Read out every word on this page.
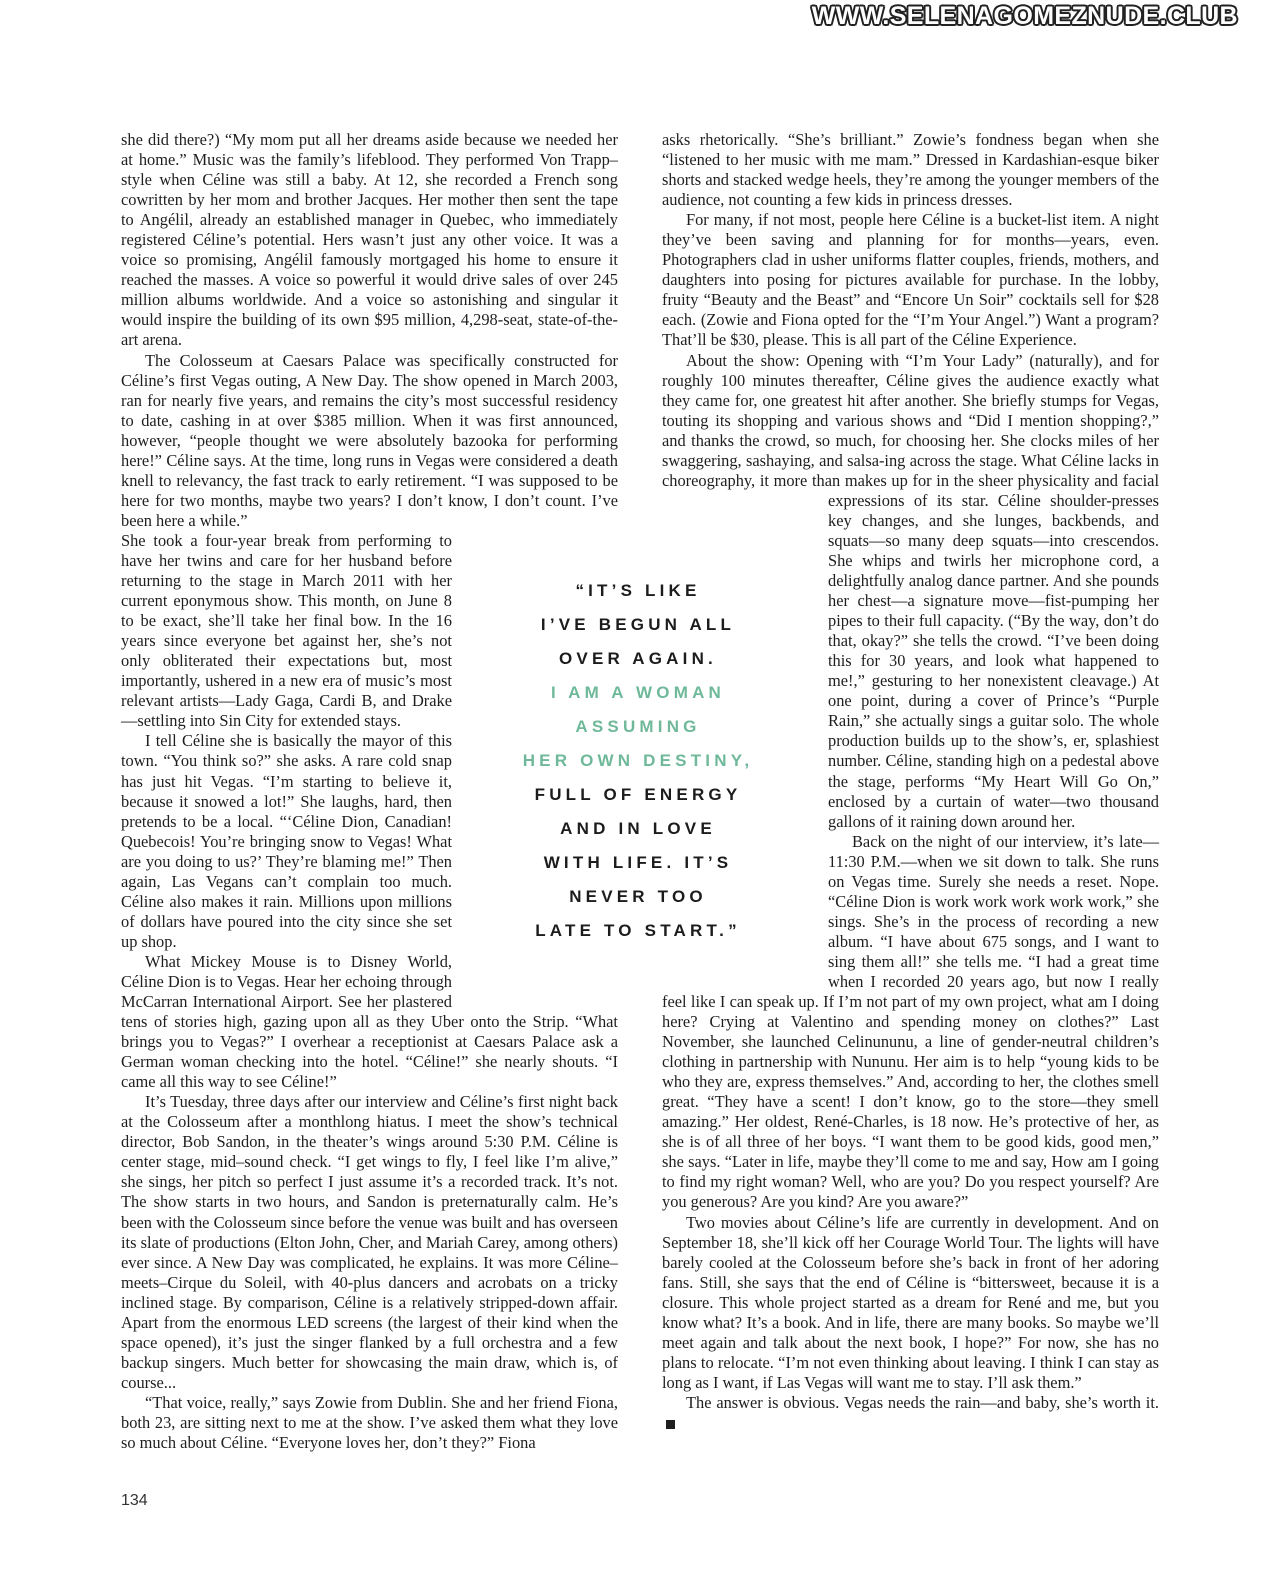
WWW.SELENAGOMEZNUDE.CLUB

she did there?) “My mom put all her dreams aside because we needed her at home.” Music was the family’s lifeblood. They performed Von Trapp–style when Céline was still a baby. At 12, she recorded a French song cowritten by her mom and brother Jacques. Her mother then sent the tape to Angélil, already an established manager in Quebec, who immediately registered Céline’s potential. Hers wasn’t just any other voice. It was a voice so promising, Angélil famously mortgaged his home to ensure it reached the masses. A voice so powerful it would drive sales of over 245 million albums worldwide. And a voice so astonishing and singular it would inspire the building of its own $95 million, 4,298-seat, state-of-the-art arena.

The Colosseum at Caesars Palace was specifically constructed for Céline’s first Vegas outing, A New Day. The show opened in March 2003, ran for nearly five years, and remains the city’s most successful residency to date, cashing in at over $385 million. When it was first announced, however, “people thought we were absolutely bazooka for performing here!” Céline says. At the time, long runs in Vegas were considered a death knell to relevancy, the fast track to early retirement. “I was supposed to be here for two months, maybe two years? I don’t know, I don’t count. I’ve been here a while.”

She took a four-year break from performing to have her twins and care for her husband before returning to the stage in March 2011 with her current eponymous show. This month, on June 8 to be exact, she’ll take her final bow. In the 16 years since everyone bet against her, she’s not only obliterated their expectations but, most importantly, ushered in a new era of music’s most relevant artists—Lady Gaga, Cardi B, and Drake—settling into Sin City for extended stays.

I tell Céline she is basically the mayor of this town. “You think so?” she asks. A rare cold snap has just hit Vegas. “I’m starting to believe it, because it snowed a lot!” She laughs, hard, then pretends to be a local. “‘Céline Dion, Canadian! Quebecois! You’re bringing snow to Vegas! What are you doing to us?’ They’re blaming me!” Then again, Las Vegans can’t complain too much. Céline also makes it rain. Millions upon millions of dollars have poured into the city since she set up shop.

What Mickey Mouse is to Disney World, Céline Dion is to Vegas. Hear her echoing through McCarran International Airport. See her plastered tens of stories high, gazing upon all as they Uber onto the Strip. “What brings you to Vegas?” I overhear a receptionist at Caesars Palace ask a German woman checking into the hotel. “Céline!” she nearly shouts. “I came all this way to see Céline!”

It’s Tuesday, three days after our interview and Céline’s first night back at the Colosseum after a monthlong hiatus. I meet the show’s technical director, Bob Sandon, in the theater’s wings around 5:30 P.M. Céline is center stage, mid–sound check. “I get wings to fly, I feel like I’m alive,” she sings, her pitch so perfect I just assume it’s a recorded track. It’s not. The show starts in two hours, and Sandon is preternaturally calm. He’s been with the Colosseum since before the venue was built and has overseen its slate of productions (Elton John, Cher, and Mariah Carey, among others) ever since. A New Day was complicated, he explains. It was more Céline–meets–Cirque du Soleil, with 40-plus dancers and acrobats on a tricky inclined stage. By comparison, Céline is a relatively stripped-down affair. Apart from the enormous LED screens (the largest of their kind when the space opened), it’s just the singer flanked by a full orchestra and a few backup singers. Much better for showcasing the main draw, which is, of course...

“That voice, really,” says Zowie from Dublin. She and her friend Fiona, both 23, are sitting next to me at the show. I’ve asked them what they love so much about Céline. “Everyone loves her, don’t they?” Fiona

asks rhetorically. “She’s brilliant.” Zowie’s fondness began when she “listened to her music with me mam.” Dressed in Kardashian-esque biker shorts and stacked wedge heels, they’re among the younger members of the audience, not counting a few kids in princess dresses.

For many, if not most, people here Céline is a bucket-list item. A night they’ve been saving and planning for for months—years, even. Photographers clad in usher uniforms flatter couples, friends, mothers, and daughters into posing for pictures available for purchase. In the lobby, fruity “Beauty and the Beast” and “Encore Un Soir” cocktails sell for $28 each. (Zowie and Fiona opted for the “I’m Your Angel.”) Want a program? That’ll be $30, please. This is all part of the Céline Experience.

About the show: Opening with “I’m Your Lady” (naturally), and for roughly 100 minutes thereafter, Céline gives the audience exactly what they came for, one greatest hit after another. She briefly stumps for Vegas, touting its shopping and various shows and “Did I mention shopping?,” and thanks the crowd, so much, for choosing her. She clocks miles of her swaggering, sashaying, and salsa-ing across the stage. What Céline lacks in choreography, it more than makes up for in the sheer physicality and facial expressions of its star. Céline shoulder-presses key changes, and she lunges, backbends, and squats—so many deep squats—into crescendos. She whips and twirls her microphone cord, a delightfully analog dance partner. And she pounds her chest—a signature move—fist-pumping her pipes to their full capacity. (“By the way, don’t do that, okay?” she tells the crowd. “I’ve been doing this for 30 years, and look what happened to me!,” gesturing to her nonexistent cleavage.) At one point, during a cover of Prince’s “Purple Rain,” she actually sings a guitar solo. The whole production builds up to the show’s, er, splashiest number. Céline, standing high on a pedestal above the stage, performs “My Heart Will Go On,” enclosed by a curtain of water—two thousand gallons of it raining down around her.

Back on the night of our interview, it’s late—11:30 P.M.—when we sit down to talk. She runs on Vegas time. Surely she needs a reset. Nope. “Céline Dion is work work work work work,” she sings. She’s in the process of recording a new album. “I have about 675 songs, and I want to sing them all!” she tells me. “I had a great time when I recorded 20 years ago, but now I really feel like I can speak up. If I’m not part of my own project, what am I doing here? Crying at Valentino and spending money on clothes?” Last November, she launched Celinununu, a line of gender-neutral children’s clothing in partnership with Nununu. Her aim is to help “young kids to be who they are, express themselves.” And, according to her, the clothes smell great. “They have a scent! I don’t know, go to the store—they smell amazing.” Her oldest, René-Charles, is 18 now. He’s protective of her, as she is of all three of her boys. “I want them to be good kids, good men,” she says. “Later in life, maybe they’ll come to me and say, How am I going to find my right woman? Well, who are you? Do you respect yourself? Are you generous? Are you kind? Are you aware?”

Two movies about Céline’s life are currently in development. And on September 18, she’ll kick off her Courage World Tour. The lights will have barely cooled at the Colosseum before she’s back in front of her adoring fans. Still, she says that the end of Céline is “bittersweet, because it is a closure. This whole project started as a dream for René and me, but you know what? It’s a book. And in life, there are many books. So maybe we’ll meet again and talk about the next book, I hope?” For now, she has no plans to relocate. “I’m not even thinking about leaving. I think I can stay as long as I want, if Las Vegas will want me to stay. I’ll ask them.”

The answer is obvious. Vegas needs the rain—and baby, she’s worth it.

“IT’S LIKE
I’VE BEGUN ALL
OVER AGAIN.
I AM A WOMAN
ASSUMING
HER OWN DESTINY,
FULL OF ENERGY
AND IN LOVE
WITH LIFE. IT’S
NEVER TOO
LATE TO START.”
134
